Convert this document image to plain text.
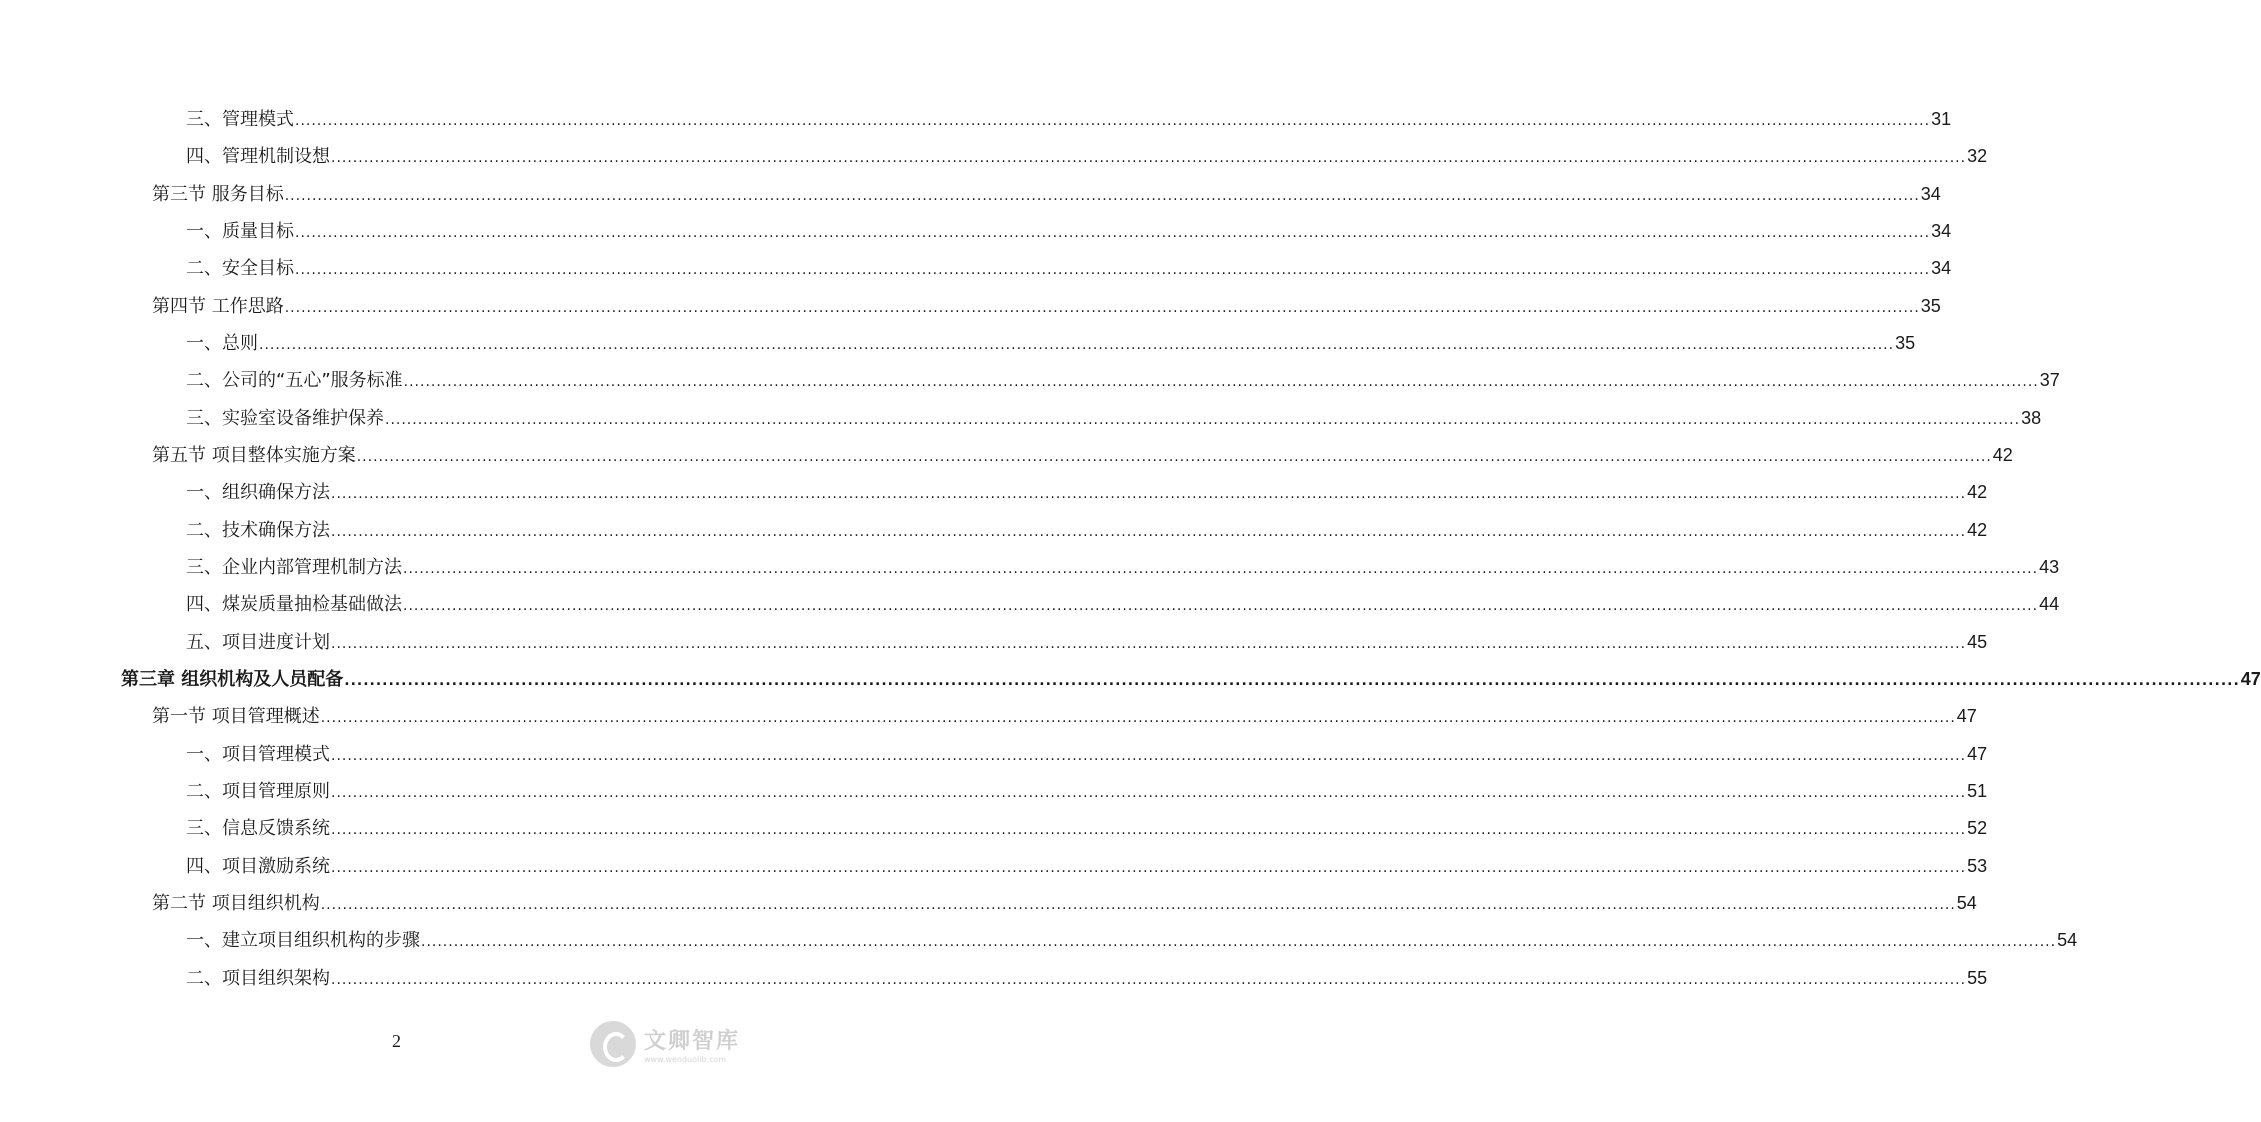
三、管理模式 ............................................................................................................................................................................................................................................................................................................ 31
四、管理机制设想 ............................................................................................................................................................................................................................................................................................................ 32
第三节 服务目标 ............................................................................................................................................................................................................................................................................................................ 34
一、质量目标 ............................................................................................................................................................................................................................................................................................................ 34
二、安全目标 ............................................................................................................................................................................................................................................................................................................ 34
第四节 工作思路 ............................................................................................................................................................................................................................................................................................................ 35
一、总则 ............................................................................................................................................................................................................................................................................................................ 35
二、公司的“五心”服务标准 ............................................................................................................................................................................................................................................................................................................ 37
三、实验室设备维护保养 ............................................................................................................................................................................................................................................................................................................ 38
第五节 项目整体实施方案 ............................................................................................................................................................................................................................................................................................................ 42
一、组织确保方法 ............................................................................................................................................................................................................................................................................................................ 42
二、技术确保方法 ............................................................................................................................................................................................................................................................................................................ 42
三、企业内部管理机制方法 ............................................................................................................................................................................................................................................................................................................ 43
四、煤炭质量抽检基础做法 ............................................................................................................................................................................................................................................................................................................ 44
五、项目进度计划 ............................................................................................................................................................................................................................................................................................................ 45
第三章 组织机构及人员配备 ............................................................................................................................................................................................................................................................................................................ 47
第一节 项目管理概述 ............................................................................................................................................................................................................................................................................................................ 47
一、项目管理模式 ............................................................................................................................................................................................................................................................................................................ 47
二、项目管理原则 ............................................................................................................................................................................................................................................................................................................ 51
三、信息反馈系统 ............................................................................................................................................................................................................................................................................................................ 52
四、项目激励系统 ............................................................................................................................................................................................................................................................................................................ 53
第二节 项目组织机构 ............................................................................................................................................................................................................................................................................................................ 54
一、建立项目组织机构的步骤 ............................................................................................................................................................................................................................................................................................................ 54
二、项目组织架构 ............................................................................................................................................................................................................................................................................................................ 55
2	文卿智库
www.wenduolib.com
